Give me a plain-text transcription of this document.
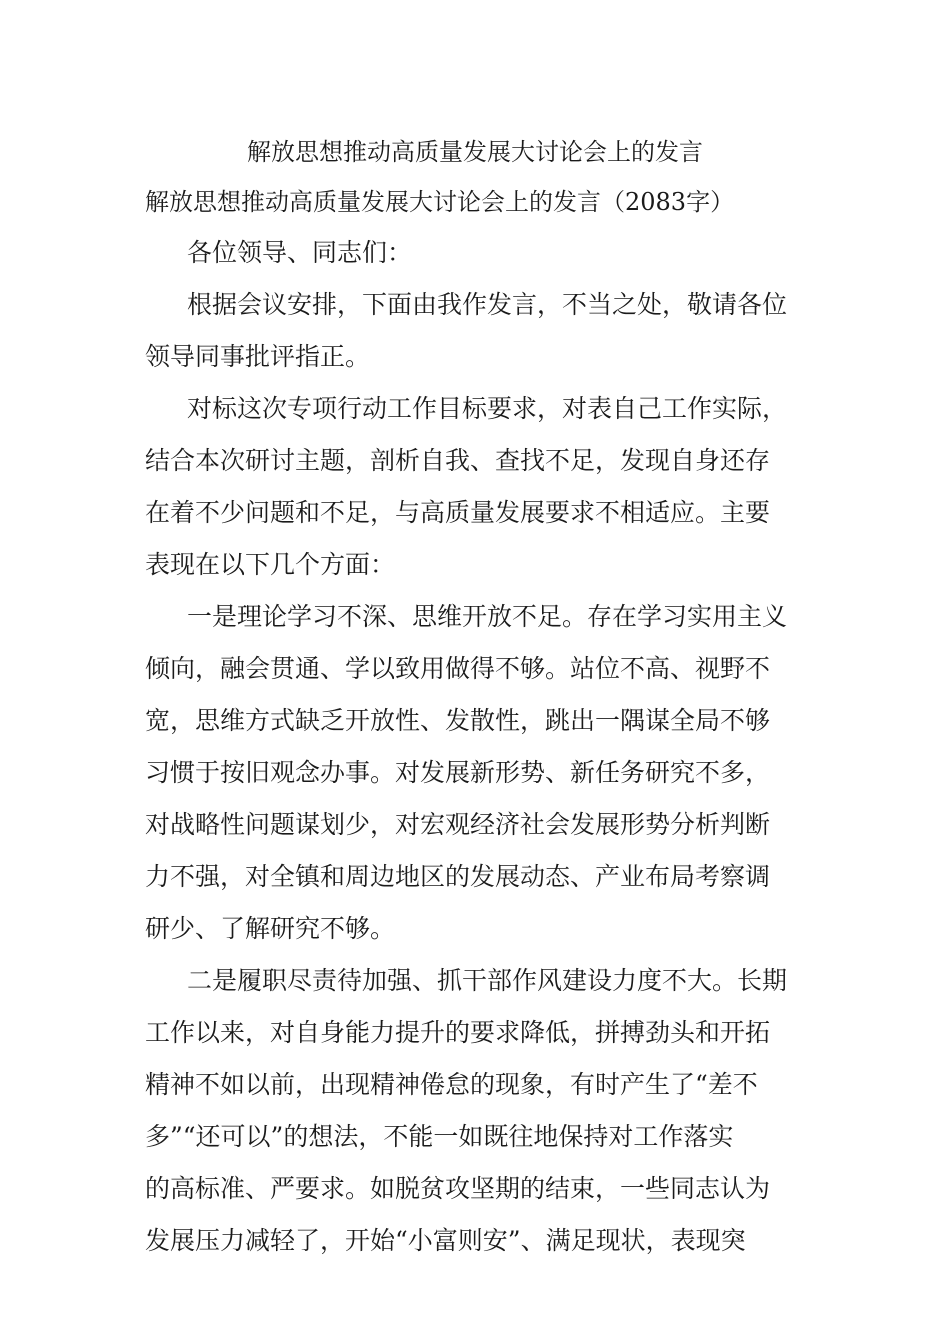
解放思想推动高质量发展大讨论会上的发言
解放思想推动高质量发展大讨论会上的发言（2083字）
各位领导、同志们：
根据会议安排，下面由我作发言，不当之处，敬请各位
领导同事批评指正。
对标这次专项行动工作目标要求，对表自己工作实际，
结合本次研讨主题，剖析自我、查找不足，发现自身还存
在着不少问题和不足，与高质量发展要求不相适应。主要
表现在以下几个方面：
一是理论学习不深、思维开放不足。存在学习实用主义
倾向，融会贯通、学以致用做得不够。站位不高、视野不
宽，思维方式缺乏开放性、发散性，跳出一隅谋全局不够
习惯于按旧观念办事。对发展新形势、新任务研究不多，
对战略性问题谋划少，对宏观经济社会发展形势分析判断
力不强，对全镇和周边地区的发展动态、产业布局考察调
研少、了解研究不够。
二是履职尽责待加强、抓干部作风建设力度不大。长期
工作以来，对自身能力提升的要求降低，拼搏劲头和开拓
精神不如以前，出现精神倦怠的现象，有时产生了“差不
多”“还可以”的想法，不能一如既往地保持对工作落实
的高标准、严要求。如脱贫攻坚期的结束，一些同志认为
发展压力减轻了，开始“小富则安”、满足现状，表现突
